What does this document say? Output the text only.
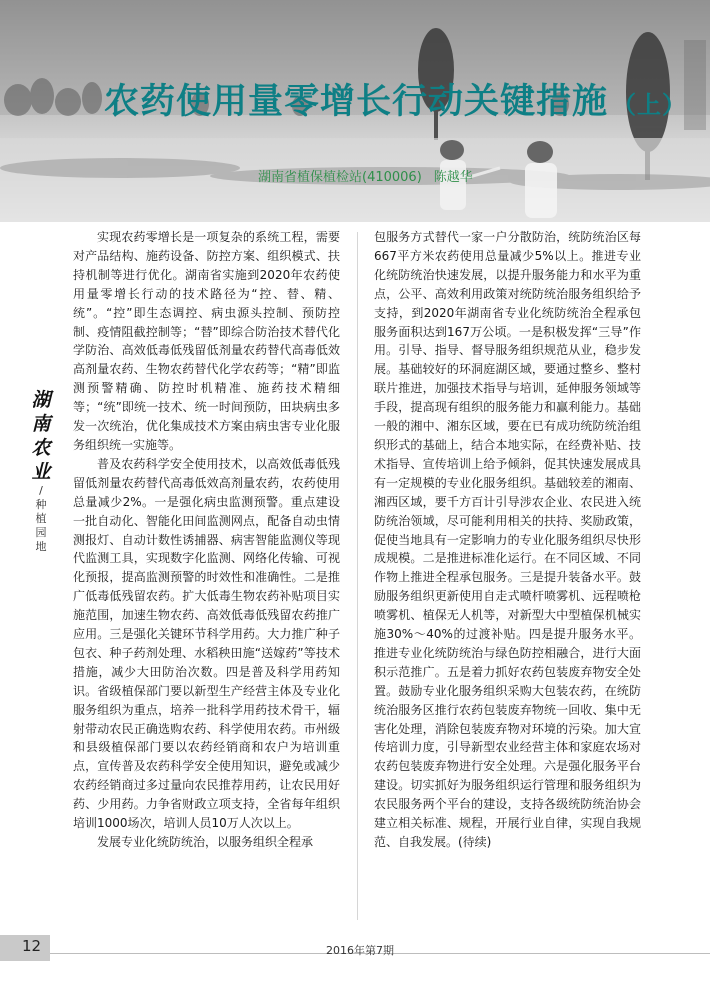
农药使用量零增长行动关键措施 （上）
湖南省植保植检站(410006) 陈越华
湖
南
农
业
/
种
植
园
地

实现农药零增长是一项复杂的系统工程，需要对产品结构、施药设备、防控方案、组织模式、扶持机制等进行优化。湖南省实施到2020年农药使用量零增长行动的技术路径为“控、替、精、统”。“控”即生态调控、病虫源头控制、预防控制、疫情阻截控制等；“替”即综合防治技术替代化学防治、高效低毒低残留低剂量农药替代高毒低效高剂量农药、生物农药替代化学农药等；“精”即监测预警精确、防控时机精准、施药技术精细等；“统”即统一技术、统一时间预防，田块病虫多发一次统治，优化集成技术方案由病虫害专业化服务组织统一实施等。

普及农药科学安全使用技术，以高效低毒低残留低剂量农药替代高毒低效高剂量农药，农药使用总量减少2%。一是强化病虫监测预警。重点建设一批自动化、智能化田间监测网点，配备自动虫情测报灯、自动计数性诱捕器、病害智能监测仪等现代监测工具，实现数字化监测、网络化传输、可视化预报，提高监测预警的时效性和准确性。二是推广低毒低残留农药。扩大低毒生物农药补贴项目实施范围，加速生物农药、高效低毒低残留农药推广应用。三是强化关键环节科学用药。大力推广种子包衣、种子药剂处理、水稻秧田施“送嫁药”等技术措施，减少大田防治次数。四是普及科学用药知识。省级植保部门要以新型生产经营主体及专业化服务组织为重点，培养一批科学用药技术骨干，辐射带动农民正确选购农药、科学使用农药。市州级和县级植保部门要以农药经销商和农户为培训重点，宣传普及农药科学安全使用知识，避免或减少农药经销商过多过量向农民推荐用药，让农民用好药、少用药。力争省财政立项支持，全省每年组织培训1000场次，培训人员10万人次以上。

发展专业化统防统治，以服务组织全程承

包服务方式替代一家一户分散防治，统防统治区每667平方米农药使用总量减少5%以上。推进专业化统防统治快速发展，以提升服务能力和水平为重点，公平、高效利用政策对统防统治服务组织给予支持，到2020年湖南省专业化统防统治全程承包服务面积达到167万公顷。一是积极发挥“三导”作用。引导、指导、督导服务组织规范从业，稳步发展。基础较好的环洞庭湖区域，要通过整乡、整村联片推进，加强技术指导与培训，延伸服务领域等手段，提高现有组织的服务能力和赢利能力。基础一般的湘中、湘东区域，要在已有成功统防统治组织形式的基础上，结合本地实际，在经费补贴、技术指导、宣传培训上给予倾斜，促其快速发展成具有一定规模的专业化服务组织。基础较差的湘南、湘西区域，要千方百计引导涉农企业、农民进入统防统治领域，尽可能利用相关的扶持、奖励政策，促使当地具有一定影响力的专业化服务组织尽快形成规模。二是推进标准化运行。在不同区域、不同作物上推进全程承包服务。三是提升装备水平。鼓励服务组织更新使用自走式喷杆喷雾机、远程喷枪喷雾机、植保无人机等，对新型大中型植保机械实施30%～40%的过渡补贴。四是提升服务水平。推进专业化统防统治与绿色防控相融合，进行大面积示范推广。五是着力抓好农药包装废弃物安全处置。鼓励专业化服务组织采购大包装农药，在统防统治服务区推行农药包装废弃物统一回收、集中无害化处理，消除包装废弃物对环境的污染。加大宣传培训力度，引导新型农业经营主体和家庭农场对农药包装废弃物进行安全处理。六是强化服务平台建设。切实抓好为服务组织运行管理和服务组织为农民服务两个平台的建设，支持各级统防统治协会建立相关标准、规程，开展行业自律，实现自我规范、自我发展。(待续)

12	2016年第7期
